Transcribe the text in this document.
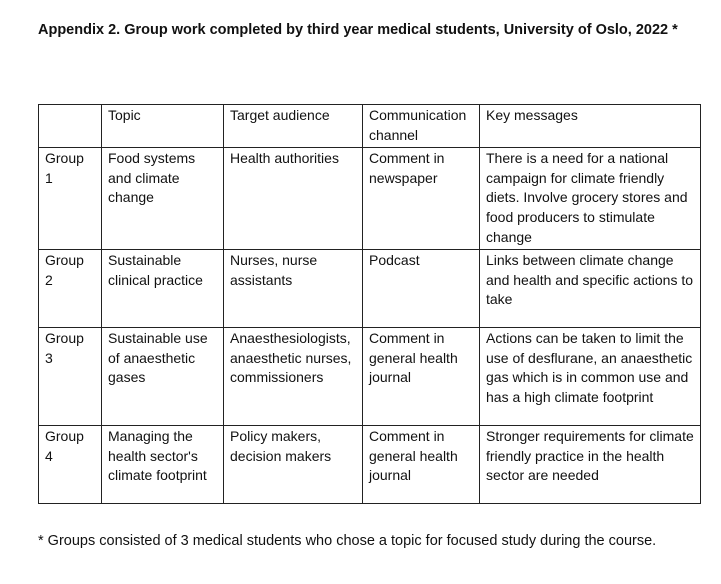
Appendix 2. Group work completed by third year medical students, University of Oslo, 2022 *
	Topic	Target audience	Communication channel	Key messages
Group 1	Food systems and climate change	Health authorities	Comment in newspaper	There is a need for a national campaign for climate friendly diets. Involve grocery stores and food producers to stimulate change
Group 2	Sustainable clinical practice	Nurses, nurse assistants	Podcast	Links between climate change and health and specific actions to take
Group 3	Sustainable use of anaesthetic gases	Anaesthesiologists, anaesthetic nurses, commissioners	Comment in general health journal	Actions can be taken to limit the use of desflurane, an anaesthetic gas which is in common use and has a high climate footprint
Group 4	Managing the health sector's climate footprint	Policy makers, decision makers	Comment in general health journal	Stronger requirements for climate friendly practice in the health sector are needed
* Groups consisted of 3 medical students who chose a topic for focused study during the course.
